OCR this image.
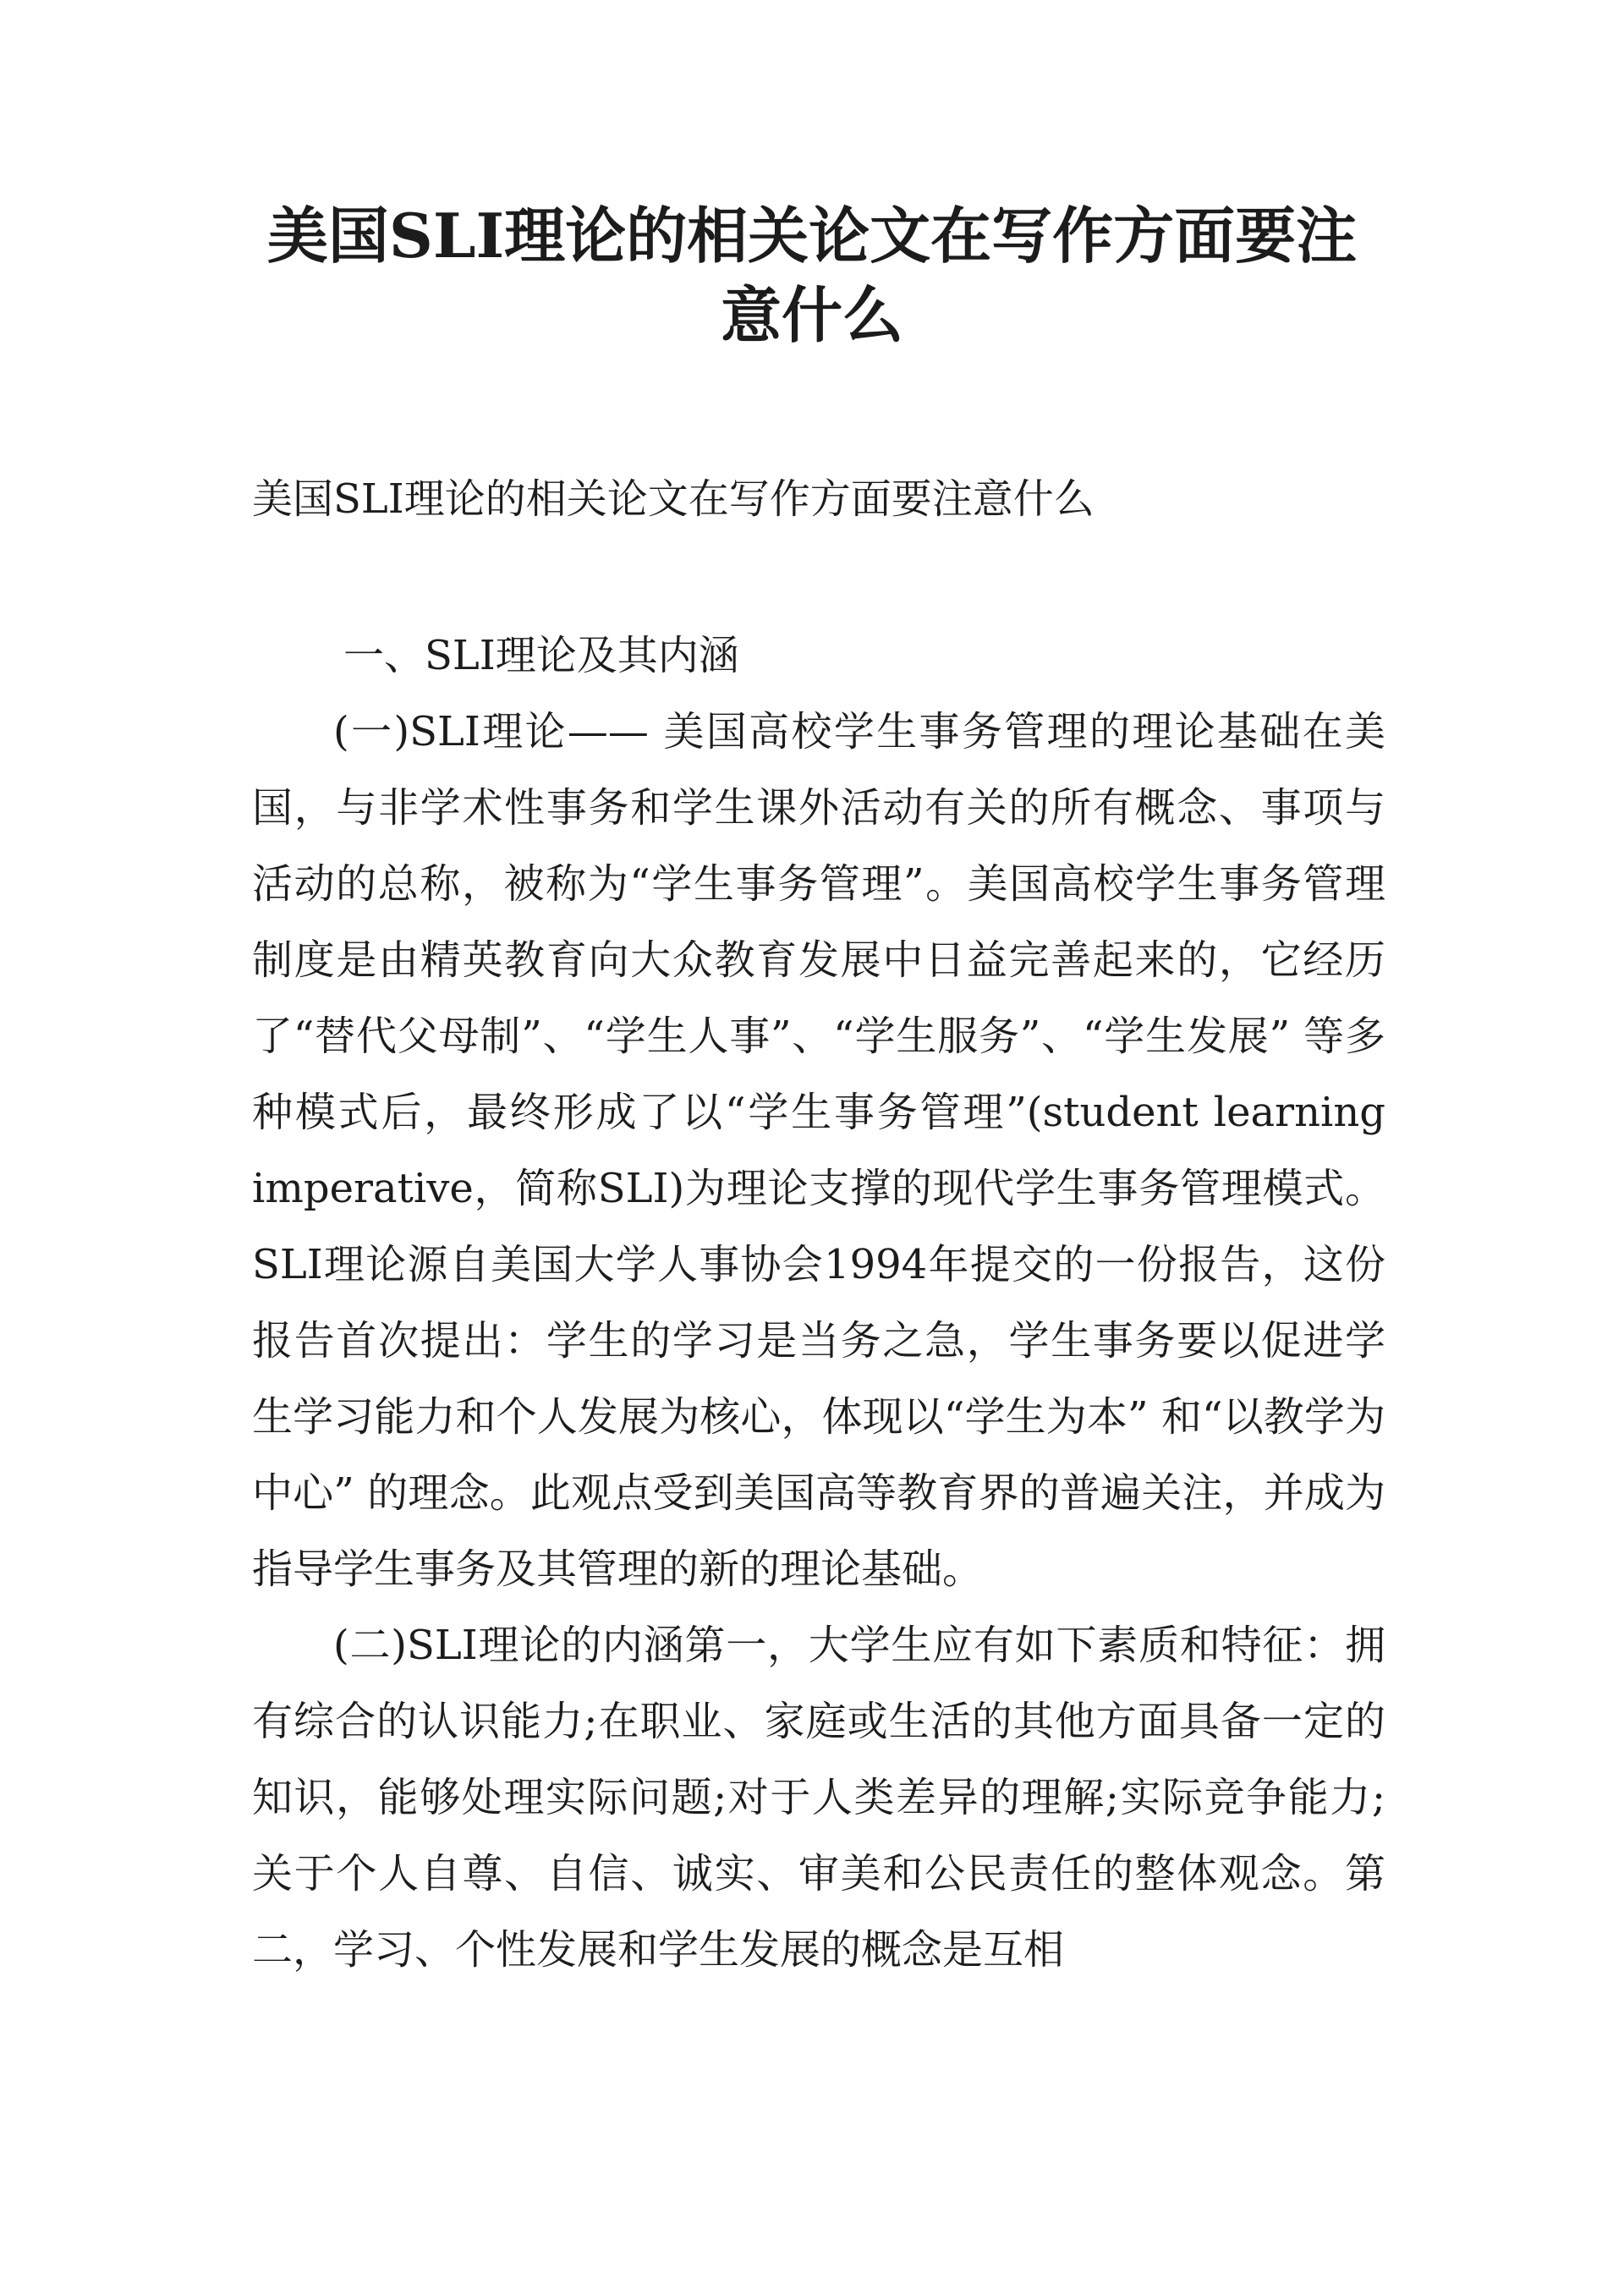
美国SLI理论的相关论文在写作方面要注意什么

美国SLI理论的相关论文在写作方面要注意什么

一、SLI理论及其内涵

(一)SLI理论—— 美国高校学生事务管理的理论基础在美国，与非学术性事务和学生课外活动有关的所有概念、事项与活动的总称，被称为“学生事务管理”。美国高校学生事务管理制度是由精英教育向大众教育发展中日益完善起来的，它经历了“替代父母制”、“学生人事”、“学生服务”、“学生发展” 等多种模式后，最终形成了以“学生事务管理”(student learning imperative，简称SLI)为理论支撑的现代学生事务管理模式。SLI理论源自美国大学人事协会1994年提交的一份报告，这份报告首次提出：学生的学习是当务之急，学生事务要以促进学生学习能力和个人发展为核心，体现以“学生为本” 和“以教学为中心” 的理念。此观点受到美国高等教育界的普遍关注，并成为指导学生事务及其管理的新的理论基础。

(二)SLI理论的内涵第一，大学生应有如下素质和特征：拥有综合的认识能力;在职业、家庭或生活的其他方面具备一定的知识，能够处理实际问题;对于人类差异的理解;实际竞争能力;关于个人自尊、自信、诚实、审美和公民责任的整体观念。第二，学习、个性发展和学生发展的概念是互相
